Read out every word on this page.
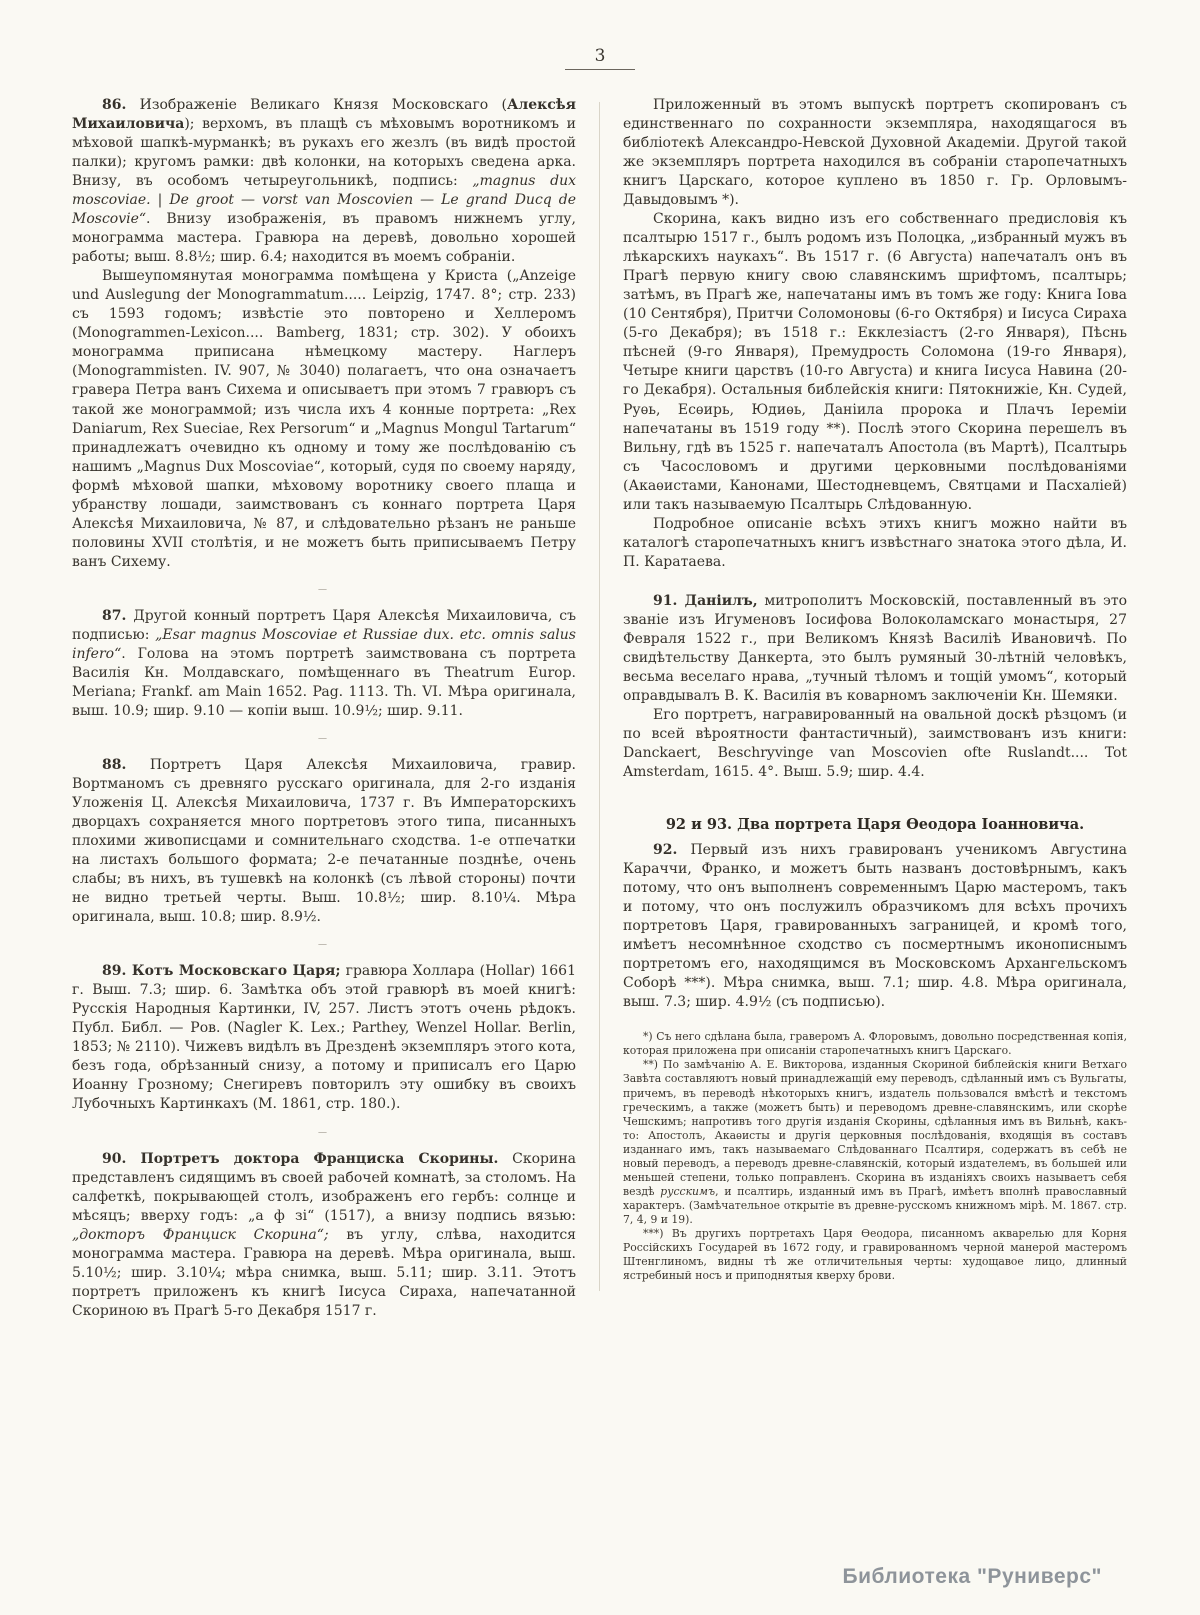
3

86. Изображеніе Великаго Князя Московскаго (Алексѣя Михаиловича); верхомъ, въ плащѣ съ мѣховымъ воротникомъ и мѣховой шапкѣ-мурманкѣ; въ рукахъ его жезлъ (въ видѣ простой палки); кругомъ рамки: двѣ колонки, на которыхъ сведена арка. Внизу, въ особомъ четыреугольникѣ, подпись: „magnus dux moscoviae. | De groot — vorst van Moscovien — Le grand Ducq de Moscovie“. Внизу изображенія, въ правомъ нижнемъ углу, монограмма мастера. Гравюра на деревѣ, довольно хорошей работы; выш. 8.8½; шир. 6.4; находится въ моемъ собраніи.

Вышеупомянутая монограмма помѣщена у Криста („Anzeige und Auslegung der Monogrammatum..... Leipzig, 1747. 8°; стр. 233) съ 1593 годомъ; извѣстіе это повторено и Хеллеромъ (Monogrammen-Lexicon.... Bamberg, 1831; стр. 302). У обоихъ монограмма приписана нѣмецкому мастеру. Наглеръ (Monogrammisten. IV. 907, № 3040) полагаетъ, что она означаетъ гравера Петра ванъ Сихема и описываетъ при этомъ 7 гравюръ съ такой же монограммой; изъ числа ихъ 4 конные портрета: „Rex Daniarum, Rex Sueciae, Rex Persorum“ и „Magnus Mongul Tartarum“ принадлежатъ очевидно къ одному и тому же послѣдованію съ нашимъ „Magnus Dux Moscoviae“, который, судя по своему наряду, формѣ мѣховой шапки, мѣховому воротнику своего плаща и убранству лошади, заимствованъ съ коннаго портрета Царя Алексѣя Михаиловича, № 87, и слѣдовательно рѣзанъ не раньше половины XVII столѣтія, и не можетъ быть приписываемъ Петру ванъ Сихему.

—

87. Другой конный портретъ Царя Алексѣя Михаиловича, съ подписью: „Esar magnus Moscoviae et Russiae dux. etc. omnis salus infero“. Голова на этомъ портретѣ заимствована съ портрета Василія Кн. Молдавскаго, помѣщеннаго въ Theatrum Europ. Meriana; Frankf. am Main 1652. Pag. 1113. Th. VI. Мѣра оригинала, выш. 10.9; шир. 9.10 — копіи выш. 10.9½; шир. 9.11.

—

88. Портретъ Царя Алексѣя Михаиловича, гравир. Вортманомъ съ древняго русскаго оригинала, для 2-го изданія Уложенія Ц. Алексѣя Михаиловича, 1737 г. Въ Императорскихъ дворцахъ сохраняется много портретовъ этого типа, писанныхъ плохими живописцами и сомнительнаго сходства. 1-е отпечатки на листахъ большого формата; 2-е печатанные позднѣе, очень слабы; въ нихъ, въ тушевкѣ на колонкѣ (съ лѣвой стороны) почти не видно третьей черты. Выш. 10.8½; шир. 8.10¼. Мѣра оригинала, выш. 10.8; шир. 8.9½.

—

89. Котъ Московскаго Царя; гравюра Холлара (Hollar) 1661 г. Выш. 7.3; шир. 6. Замѣтка объ этой гравюрѣ въ моей книгѣ: Русскія Народныя Картинки, IV, 257. Листъ этотъ очень рѣдокъ. Публ. Библ. — Ров. (Nagler K. Lex.; Parthey, Wenzel Hollar. Berlin, 1853; № 2110). Чижевъ видѣлъ въ Дрезденѣ экземпляръ этого кота, безъ года, обрѣзанный снизу, а потому и приписалъ его Царю Иоанну Грозному; Снегиревъ повторилъ эту ошибку въ своихъ Лубочныхъ Картинкахъ (М. 1861, стр. 180.).

—

90. Портретъ доктора Франциска Скорины. Скорина представленъ сидящимъ въ своей рабочей комнатѣ, за столомъ. На салфеткѣ, покрывающей столъ, изображенъ его гербъ: солнце и мѣсяцъ; вверху годъ: „а ф зі“ (1517), а внизу подпись вязью: „докторъ Франциск Скорина“; въ углу, слѣва, находится монограмма мастера. Гравюра на деревѣ. Мѣра оригинала, выш. 5.10½; шир. 3.10¼; мѣра снимка, выш. 5.11; шир. 3.11. Этотъ портретъ приложенъ къ книгѣ Іисуса Сираха, напечатанной Скориною въ Прагѣ 5-го Декабря 1517 г.

Приложенный въ этомъ выпускѣ портретъ скопированъ съ единственнаго по сохранности экземпляра, находящагося въ библіотекѣ Александро-Невской Духовной Академіи. Другой такой же экземпляръ портрета находился въ собраніи старопечатныхъ книгъ Царскаго, которое куплено въ 1850 г. Гр. Орловымъ-Давыдовымъ *).

Скорина, какъ видно изъ его собственнаго предисловія къ псалтырю 1517 г., былъ родомъ изъ Полоцка, „избранный мужъ въ лѣкарскихъ наукахъ“. Въ 1517 г. (6 Августа) напечаталъ онъ въ Прагѣ первую книгу свою славянскимъ шрифтомъ, псалтырь; затѣмъ, въ Прагѣ же, напечатаны имъ въ томъ же году: Книга Іова (10 Сентября), Притчи Соломоновы (6-го Октября) и Іисуса Сираха (5-го Декабря); въ 1518 г.: Екклезіастъ (2-го Января), Пѣснь пѣсней (9-го Января), Премудрость Соломона (19-го Января), Четыре книги царствъ (10-го Августа) и книга Іисуса Навина (20-го Декабря). Остальныя библейскія книги: Пятокнижіе, Кн. Судей, Руѳь, Есѳирь, Юдиѳь, Даніила пророка и Плачъ Іереміи напечатаны въ 1519 году **). Послѣ этого Скорина перешелъ въ Вильну, гдѣ въ 1525 г. напечаталъ Апостола (въ Мартѣ), Псалтырь съ Часословомъ и другими церковными послѣдованіями (Акаѳистами, Канонами, Шестодневцемъ, Святцами и Пасхаліей) или такъ называемую Псалтырь Слѣдованную.

Подробное описаніе всѣхъ этихъ книгъ можно найти въ каталогѣ старопечатныхъ книгъ извѣстнаго знатока этого дѣла, И. П. Каратаева.

91. Даніилъ, митрополитъ Московскій, поставленный въ это званіе изъ Игуменовъ Іосифова Волоколамскаго монастыря, 27 Февраля 1522 г., при Великомъ Князѣ Василіѣ Ивановичѣ. По свидѣтельству Данкерта, это былъ румяный 30-лѣтній человѣкъ, весьма веселаго нрава, „тучный тѣломъ и тощій умомъ“, который оправдывалъ В. К. Василія въ коварномъ заключеніи Кн. Шемяки.

Его портретъ, награвированный на овальной доскѣ рѣзцомъ (и по всей вѣроятности фантастичный), заимствованъ изъ книги: Danckaert, Beschryvinge van Moscovien ofte Ruslandt.... Tot Amsterdam, 1615. 4°. Выш. 5.9; шир. 4.4.

92 и 93. Два портрета Царя Ѳеодора Іоанновича.

92. Первый изъ нихъ гравированъ ученикомъ Августина Караччи, Франко, и можетъ быть названъ достовѣрнымъ, какъ потому, что онъ выполненъ современнымъ Царю мастеромъ, такъ и потому, что онъ послужилъ образчикомъ для всѣхъ прочихъ портретовъ Царя, гравированныхъ заграницей, и кромѣ того, имѣетъ несомнѣнное сходство съ посмертнымъ иконописнымъ портретомъ его, находящимся въ Московскомъ Архангельскомъ Соборѣ ***). Мѣра снимка, выш. 7.1; шир. 4.8. Мѣра оригинала, выш. 7.3; шир. 4.9½ (съ подписью).

*) Съ него сдѣлана была, граверомъ А. Флоровымъ, довольно посредственная копія, которая приложена при описаніи старопечатныхъ книгъ Царскаго.

**) По замѣчанію А. Е. Викторова, изданныя Скориной библейскія книги Ветхаго Завѣта составляютъ новый принадлежащій ему переводъ, сдѣланный имъ съ Вульгаты, причемъ, въ переводѣ нѣкоторыхъ книгъ, издатель пользовался вмѣстѣ и текстомъ греческимъ, а также (можетъ быть) и переводомъ древне-славянскимъ, или скорѣе Чешскимъ; напротивъ того другія изданія Скорины, сдѣланныя имъ въ Вильнѣ, какъ-то: Апостолъ, Акаѳисты и другія церковныя послѣдованія, входящія въ составъ изданнаго имъ, такъ называемаго Слѣдованнаго Псалтиря, содержатъ въ себѣ не новый переводъ, а переводъ древне-славянскій, который издателемъ, въ большей или меньшей степени, только поправленъ. Скорина въ изданіяхъ своихъ называетъ себя вездѣ русскимъ, и псалтирь, изданный имъ въ Прагѣ, имѣетъ вполнѣ православный характеръ. (Замѣчательное открытіе въ древне-русскомъ книжномъ мірѣ. М. 1867. стр. 7, 4, 9 и 19).

***) Въ другихъ портретахъ Царя Ѳеодора, писанномъ акварелью для Корня Россійскихъ Государей въ 1672 году, и гравированномъ черной манерой мастеромъ Штенглиномъ, видны тѣ же отличительныя черты: худощавое лицо, длинный ястребиный носъ и приподнятыя кверху брови.

Библиотека "Руниверс"
